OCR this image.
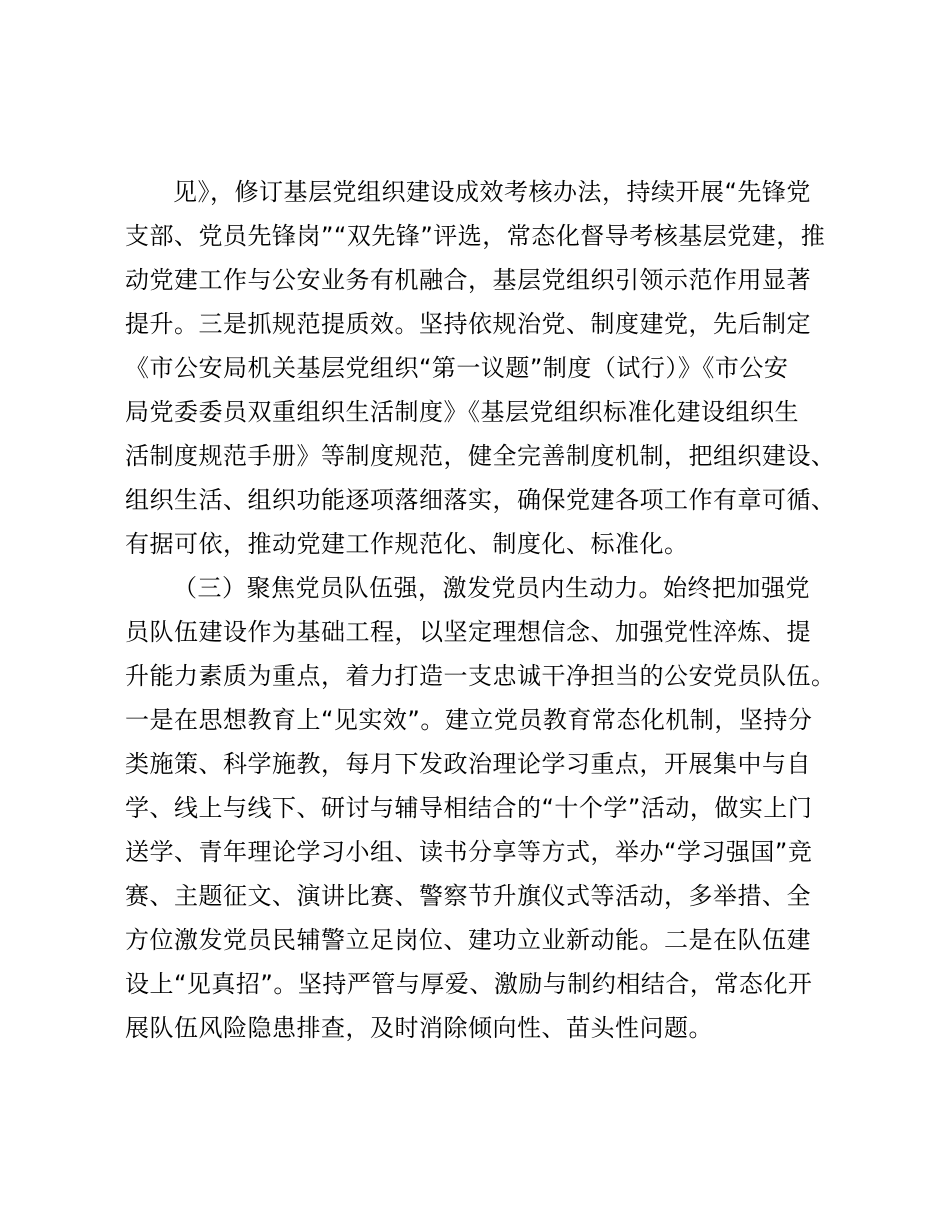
见》，修订基层党组织建设成效考核办法，持续开展“先锋党
支部、党员先锋岗”“双先锋”评选，常态化督导考核基层党建，推
动党建工作与公安业务有机融合，基层党组织引领示范作用显著
提升。三是抓规范提质效。坚持依规治党、制度建党，先后制定
《市公安局机关基层党组织“第一议题”制度（试行）》《市公安
局党委委员双重组织生活制度》《基层党组织标准化建设组织生
活制度规范手册》等制度规范，健全完善制度机制，把组织建设、
组织生活、组织功能逐项落细落实，确保党建各项工作有章可循、
有据可依，推动党建工作规范化、制度化、标准化。
（三）聚焦党员队伍强，激发党员内生动力。始终把加强党
员队伍建设作为基础工程，以坚定理想信念、加强党性淬炼、提
升能力素质为重点，着力打造一支忠诚干净担当的公安党员队伍。
一是在思想教育上“见实效”。建立党员教育常态化机制，坚持分
类施策、科学施教，每月下发政治理论学习重点，开展集中与自
学、线上与线下、研讨与辅导相结合的“十个学”活动，做实上门
送学、青年理论学习小组、读书分享等方式，举办“学习强国”竞
赛、主题征文、演讲比赛、警察节升旗仪式等活动，多举措、全
方位激发党员民辅警立足岗位、建功立业新动能。二是在队伍建
设上“见真招”。坚持严管与厚爱、激励与制约相结合，常态化开
展队伍风险隐患排查，及时消除倾向性、苗头性问题。
